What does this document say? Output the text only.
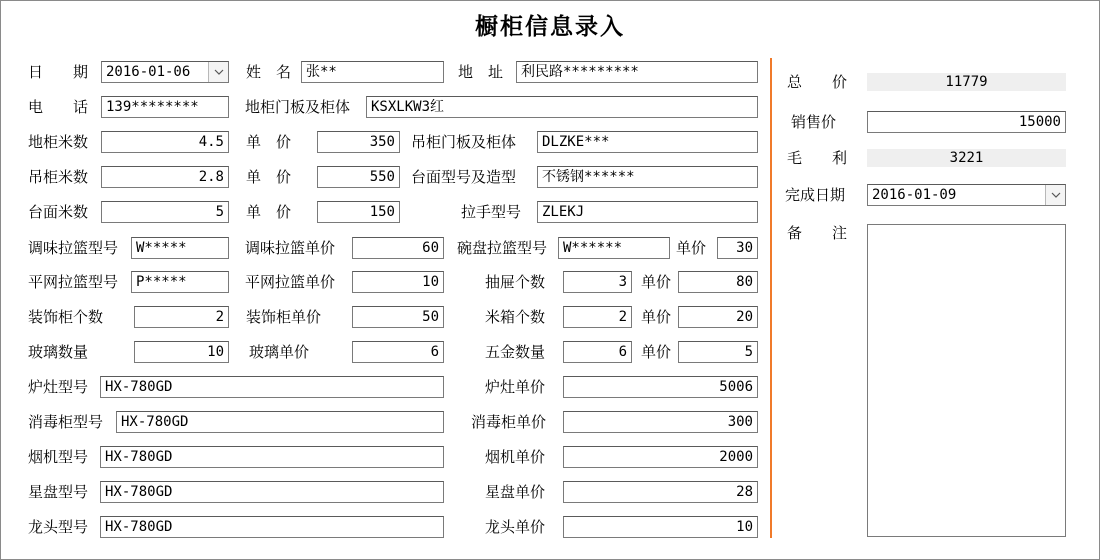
橱柜信息录入
日　　期	2016-01-06	姓　名	张**	地　址	利民路*********
电　　话	139********	地柜门板及柜体	KSXLKW3红
地柜米数	4.5	单　价	350	吊柜门板及柜体	DLZKE***
吊柜米数	2.8	单　价	550	台面型号及造型	不锈钢******
台面米数	5	单　价	150	拉手型号	ZLEKJ
调味拉篮型号	W*****	调味拉篮单价	60	碗盘拉篮型号	W******	单价	30
平网拉篮型号	P*****	平网拉篮单价	10	抽屉个数	3 单价	80
装饰柜个数	2	装饰柜单价	50	米箱个数	2 单价	20
玻璃数量	10	玻璃单价	6	五金数量	6 单价	5
炉灶型号	HX-780GD	炉灶单价	5006
消毒柜型号	HX-780GD	消毒柜单价	300
烟机型号	HX-780GD	烟机单价	2000
星盘型号	HX-780GD	星盘单价	28
龙头型号	HX-780GD	龙头单价	10
总　　价	11779
销售价	15000
毛　　利	3221
完成日期	2016-01-09
备　　注
